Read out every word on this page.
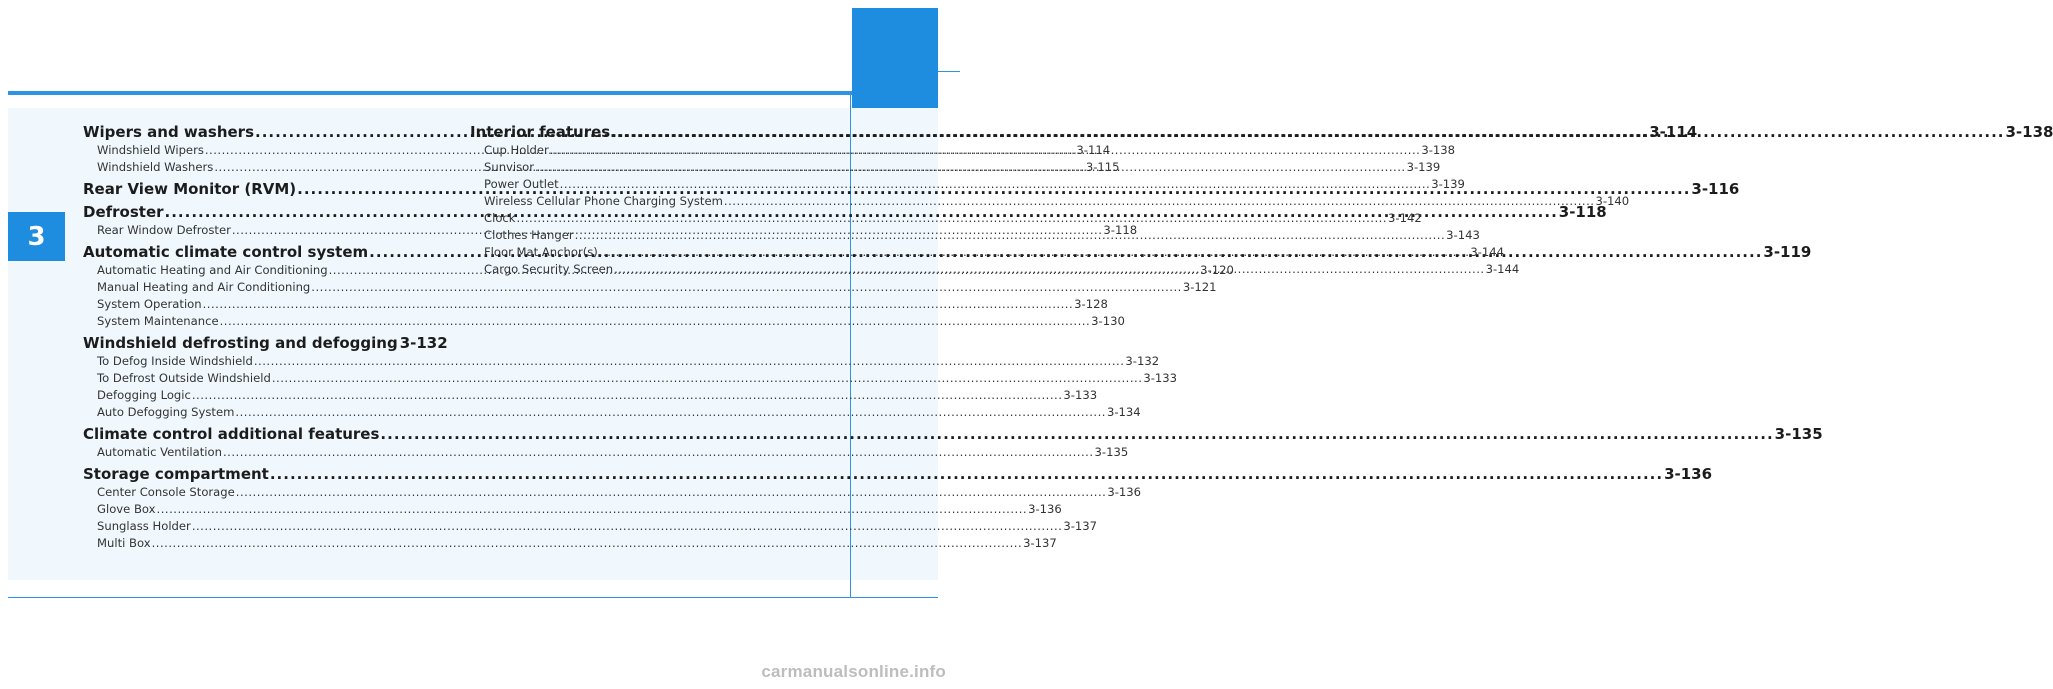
3
Wipers and washers .....	3-114
Windshield Wipers .....	3-114
Windshield Washers .....	3-115
Rear View Monitor (RVM) .....	3-116
Defroster .....	3-118
Rear Window Defroster .....	3-118
Automatic climate control system .....	3-119
Automatic Heating and Air Conditioning .....	3-120
Manual Heating and Air Conditioning .....	3-121
System Operation .....	3-128
System Maintenance .....	3-130
Windshield defrosting and defogging 3-132
To Defog Inside Windshield .....	3-132
To Defrost Outside Windshield .....	3-133
Defogging Logic .....	3-133
Auto Defogging System .....	3-134
Climate control additional features .....	3-135
Automatic Ventilation .....	3-135
Storage compartment .....	3-136
Center Console Storage .....	3-136
Glove Box .....	3-136
Sunglass Holder .....	3-137
Multi Box .....	3-137
Interior features .....	3-138
Cup Holder .....	3-138
Sunvisor .....	3-139
Power Outlet .....	3-139
Wireless Cellular Phone Charging System .....	3-140
Clock .....	3-142
Clothes Hanger .....	3-143
Floor Mat Anchor(s) .....	3-144
Cargo Security Screen .....	3-144
carmanualsonline.info
